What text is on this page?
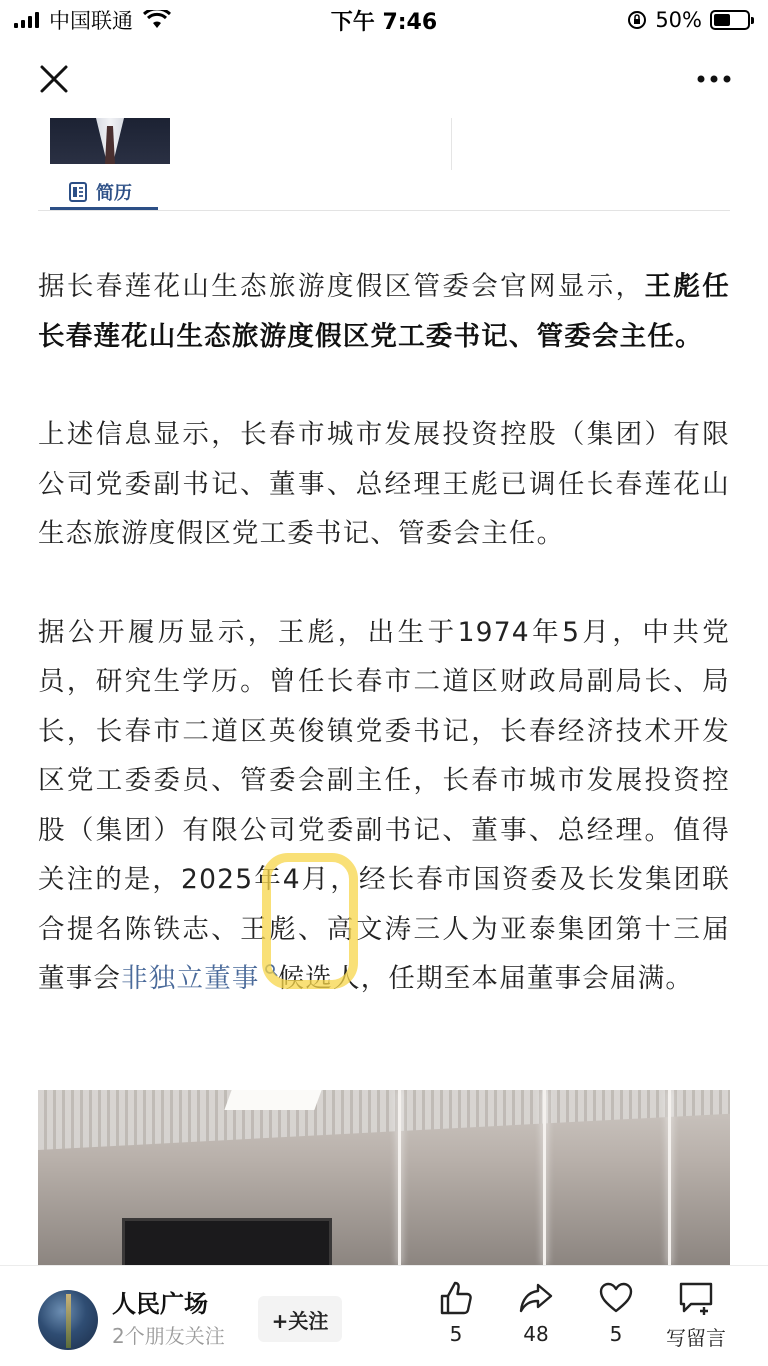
中国联通	下午 7:46	50%
简历

据长春莲花山生态旅游度假区管委会官网显示，王彪任长春莲花山生态旅游度假区党工委书记、管委会主任。

上述信息显示，长春市城市发展投资控股（集团）有限公司党委副书记、董事、总经理王彪已调任长春莲花山生态旅游度假区党工委书记、管委会主任。

据公开履历显示，王彪，出生于1974年5月，中共党员，研究生学历。曾任长春市二道区财政局副局长、局长，长春市二道区英俊镇党委书记，长春经济技术开发区党工委委员、管委会副主任，长春市城市发展投资控股（集团）有限公司党委副书记、董事、总经理。值得关注的是，2025年4月，经长春市国资委及长发集团联合提名陈铁志、王彪、高文涛三人为亚泰集团第十三届董事会非独立董事 候选人，任期至本届董事会届满。

人民广场
2个朋友关注
+关注
5	48	5 写留言
